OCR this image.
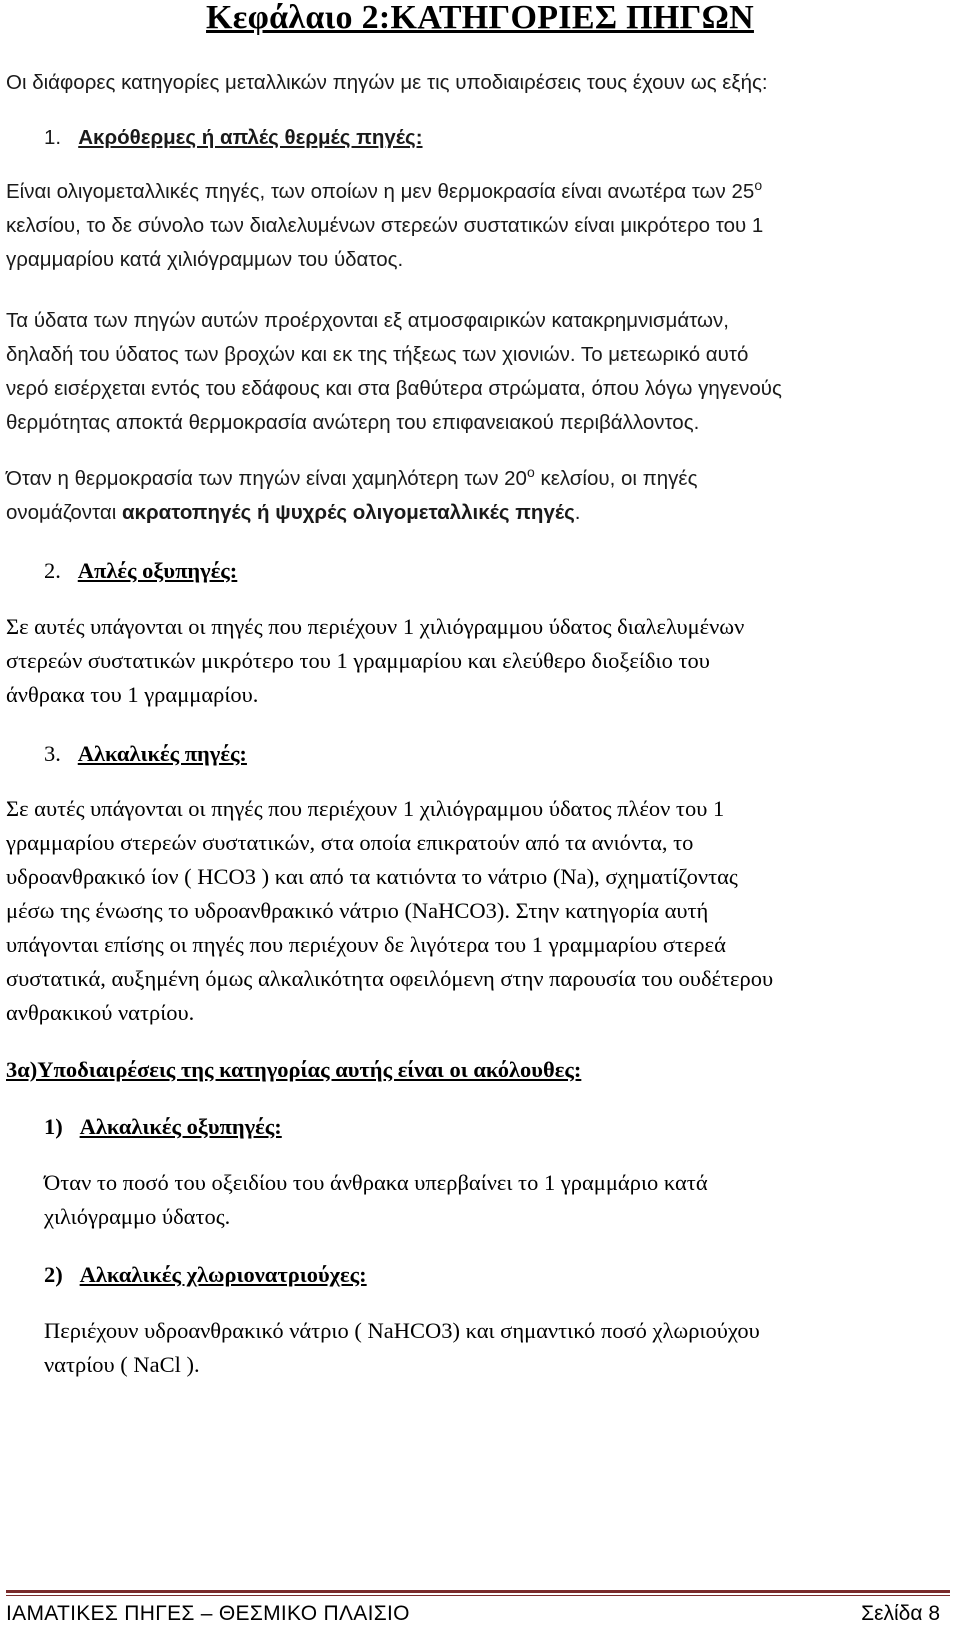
Κεφάλαιο 2:ΚΑΤΗΓΟΡΙΕΣ ΠΗΓΩΝ
Οι διάφορες κατηγορίες μεταλλικών πηγών με τις υποδιαιρέσεις τους έχουν ως εξής:
1. Ακρόθερμες ή απλές θερμές πηγές:
Είναι ολιγομεταλλικές πηγές, των οποίων η μεν θερμοκρασία είναι ανωτέρα των $25^o$
κελσίου, το δε σύνολο των διαλελυμένων στερεών συστατικών είναι μικρότερο του 1
γραμμαρίου κατά χιλιόγραμμων του ύδατος.
Τα ύδατα των πηγών αυτών προέρχονται εξ ατμοσφαιρικών κατακρημνισμάτων,
δηλαδή του ύδατος των βροχών και εκ της τήξεως των χιονιών. Το μετεωρικό αυτό
νερό εισέρχεται εντός του εδάφους και στα βαθύτερα στρώματα, όπου λόγω γηγενούς
θερμότητας αποκτά θερμοκρασία ανώτερη του επιφανειακού περιβάλλοντος.
Όταν η θερμοκρασία των πηγών είναι χαμηλότερη των $20^o$ κελσίου, οι πηγές
ονομάζονται ακρατοπηγές ή ψυχρές ολιγομεταλλικές πηγές.
2. Απλές οξυπηγές:
Σε αυτές υπάγονται οι πηγές που περιέχουν 1 χιλιόγραμμου ύδατος διαλελυμένων
στερεών συστατικών μικρότερο του 1 γραμμαρίου και ελεύθερο διοξείδιο του
άνθρακα του 1 γραμμαρίου.
3. Αλκαλικές πηγές:
Σε αυτές υπάγονται οι πηγές που περιέχουν 1 χιλιόγραμμου ύδατος πλέον του 1
γραμμαρίου στερεών συστατικών, στα οποία επικρατούν από τα ανιόντα, το
υδροανθρακικό ίον ( HCO3 ) και από τα κατιόντα το νάτριο (Na), σχηματίζοντας
μέσω της ένωσης το υδροανθρακικό νάτριο (NaHCO3). Στην κατηγορία αυτή
υπάγονται επίσης οι πηγές που περιέχουν δε λιγότερα του 1 γραμμαρίου στερεά
συστατικά, αυξημένη όμως αλκαλικότητα οφειλόμενη στην παρουσία του ουδέτερου
ανθρακικού νατρίου.
3α)Υποδιαιρέσεις της κατηγορίας αυτής είναι οι ακόλουθες:
1) Αλκαλικές οξυπηγές:
Όταν το ποσό του οξειδίου του άνθρακα υπερβαίνει το 1 γραμμάριο κατά
χιλιόγραμμο ύδατος.
2) Αλκαλικές χλωριονατριούχες:
Περιέχουν υδροανθρακικό νάτριο ( NaHCO3) και σημαντικό ποσό χλωριούχου
νατρίου ( NaCl ).
ΙΑΜΑΤΙΚΕΣ ΠΗΓΕΣ – ΘΕΣΜΙΚΟ ΠΛΑΙΣΙΟ	Σελίδα 8
